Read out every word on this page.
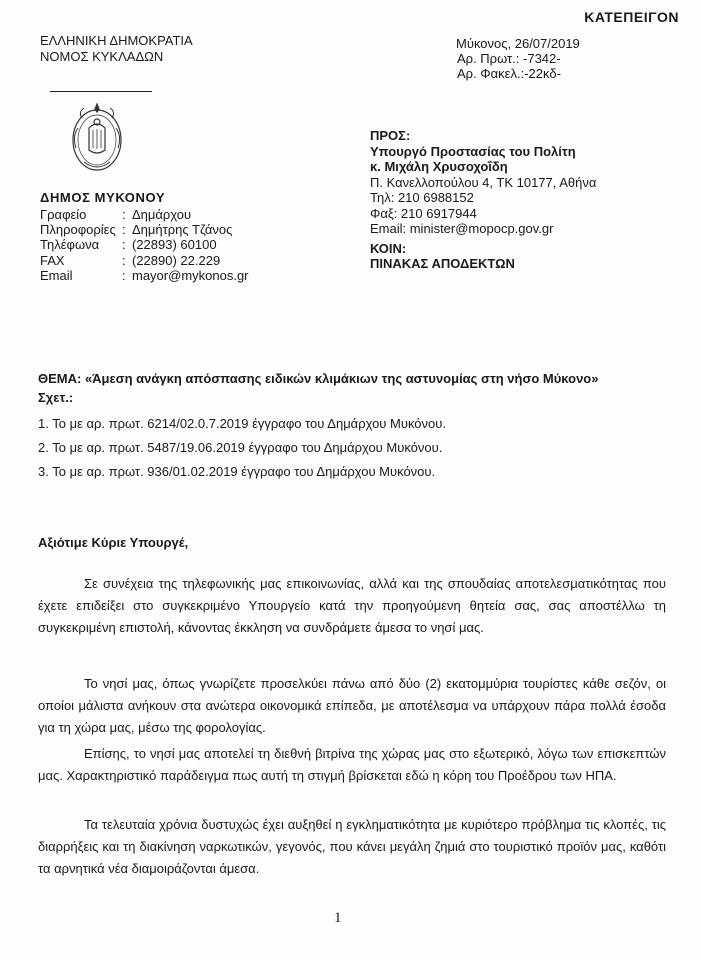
ΚΑΤΕΠΕΙΓΟΝ
ΕΛΛΗΝΙΚΗ ΔΗΜΟΚΡΑΤΙΑ
ΝΟΜΟΣ ΚΥΚΛΑΔΩΝ
Μύκονος, 26/07/2019
Αρ. Πρωτ.: -7342-
Αρ. Φακελ.:-22κδ-
ΔΗΜΟΣ ΜΥΚΟΝΟΥ
Γραφείο	: Δημάρχου
Πληροφορίες : Δημήτρης Τζάνος
Τηλέφωνα	: (22893) 60100
FAX	: (22890) 22.229
Email	: mayor@mykonos.gr
ΠΡΟΣ:
Υπουργό Προστασίας του Πολίτη
κ. Μιχάλη Χρυσοχοΐδη
Π. Κανελλοπούλου 4, ΤΚ 10177, Αθήνα
Τηλ: 210 6988152
Φαξ: 210 6917944
Email: minister@mopocp.gov.gr
ΚΟΙΝ:
ΠΙΝΑΚΑΣ ΑΠΟΔΕΚΤΩΝ
ΘΕΜΑ: «Άμεση ανάγκη απόσπασης ειδικών κλιμάκιων της αστυνομίας στη νήσο Μύκονο»
Σχετ.:
1. Το με αρ. πρωτ. 6214/02.0.7.2019 έγγραφο του Δημάρχου Μυκόνου.
2. Το με αρ. πρωτ. 5487/19.06.2019 έγγραφο του Δημάρχου Μυκόνου.
3. Το με αρ. πρωτ. 936/01.02.2019 έγγραφο του Δημάρχου Μυκόνου.
Αξιότιμε Κύριε Υπουργέ,

Σε συνέχεια της τηλεφωνικής μας επικοινωνίας, αλλά και της σπουδαίας αποτελεσματικότητας που έχετε επιδείξει στο συγκεκριμένο Υπουργείο κατά την προηγούμενη θητεία σας, σας αποστέλλω τη συγκεκριμένη επιστολή, κάνοντας έκκληση να συνδράμετε άμεσα το νησί μας.

Το νησί μας, όπως γνωρίζετε προσελκύει πάνω από δύο (2) εκατομμύρια τουρίστες κάθε σεζόν, οι οποίοι μάλιστα ανήκουν στα ανώτερα οικονομικά επίπεδα, με αποτέλεσμα να υπάρχουν πάρα πολλά έσοδα για τη χώρα μας, μέσω της φορολογίας.

Επίσης, το νησί μας αποτελεί τη διεθνή βιτρίνα της χώρας μας στο εξωτερικό, λόγω των επισκεπτών μας. Χαρακτηριστικό παράδειγμα πως αυτή τη στιγμή βρίσκεται εδώ η κόρη του Προέδρου των ΗΠΑ.

Τα τελευταία χρόνια δυστυχώς έχει αυξηθεί η εγκληματικότητα με κυριότερο πρόβλημα τις κλοπές, τις διαρρήξεις και τη διακίνηση ναρκωτικών, γεγονός, που κάνει μεγάλη ζημιά στο τουριστικό προϊόν μας, καθότι τα αρνητικά νέα διαμοιράζονται άμεσα.

1
